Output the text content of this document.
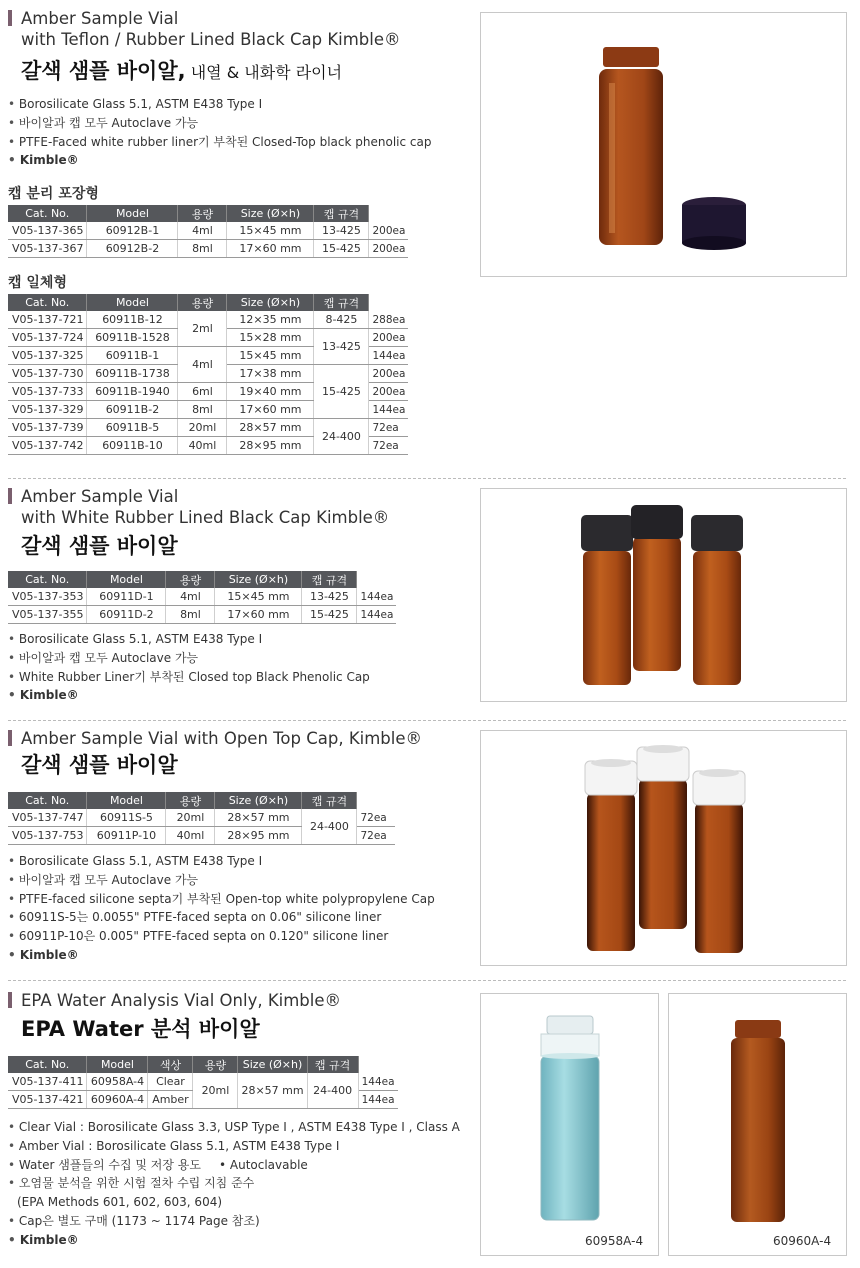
Amber Sample Vial
with Teflon / Rubber Lined Black Cap Kimble®
갈색 샘플 바이알, 내열 & 내화학 라이너
• Borosilicate Glass 5.1, ASTM E438 Type I
• 바이알과 캡 모두 Autoclave 가능
• PTFE-Faced white rubber liner기 부착된 Closed-Top black phenolic cap
• Kimble®
캡 분리 포장형
Cat. No.	Model	용량	Size (Ø×h)	캡 규격	
V05-137-365	60912B-1	4ml	15×45 mm	13-425	200ea
V05-137-367	60912B-2	8ml	17×60 mm	15-425	200ea
캡 일체형
Cat. No.	Model	용량	Size (Ø×h)	캡 규격	
V05-137-721	60911B-12	2ml	12×35 mm	8-425	288ea
V05-137-724	60911B-1528		15×28 mm	13-425	200ea
V05-137-325	60911B-1	4ml	15×45 mm		144ea
V05-137-730	60911B-1738		17×38 mm	15-425	200ea
V05-137-733	60911B-1940	6ml	19×40 mm		200ea
V05-137-329	60911B-2	8ml	17×60 mm		144ea
V05-137-739	60911B-5	20ml	28×57 mm	24-400	72ea
V05-137-742	60911B-10	40ml	28×95 mm		72ea
Amber Sample Vial
with White Rubber Lined Black Cap Kimble®
갈색 샘플 바이알
Cat. No.	Model	용량	Size (Ø×h)	캡 규격	
V05-137-353	60911D-1	4ml	15×45 mm	13-425	144ea
V05-137-355	60911D-2	8ml	17×60 mm	15-425	144ea
• Borosilicate Glass 5.1, ASTM E438 Type I
• 바이알과 캡 모두 Autoclave 가능
• White Rubber Liner기 부착된 Closed top Black Phenolic Cap
• Kimble®
Amber Sample Vial with Open Top Cap, Kimble®
갈색 샘플 바이알
Cat. No.	Model	용량	Size (Ø×h)	캡 규격	
V05-137-747	60911S-5	20ml	28×57 mm	24-400	72ea
V05-137-753	60911P-10	40ml	28×95 mm		72ea
• Borosilicate Glass 5.1, ASTM E438 Type I
• 바이알과 캡 모두 Autoclave 가능
• PTFE-faced silicone septa기 부착된 Open-top white polypropylene Cap
• 60911S-5는 0.0055" PTFE-faced septa on 0.06" silicone liner
• 60911P-10은 0.005" PTFE-faced septa on 0.120" silicone liner
• Kimble®
EPA Water Analysis Vial Only, Kimble®
EPA Water 분석 바이알
Cat. No.	Model	색상	용량	Size (Ø×h)	캡 규격	
V05-137-411	60958A-4	Clear	20ml	28×57 mm	24-400	144ea
V05-137-421	60960A-4	Amber				144ea
• Clear Vial : Borosilicate Glass 3.3, USP Type I , ASTM E438 Type I , Class A
• Amber Vial : Borosilicate Glass 5.1, ASTM E438 Type I
• Water 샘플들의 수집 및 저장 용도 • Autoclavable
• 오염물 분석을 위한 시험 절차 수립 지침 준수
(EPA Methods 601, 602, 603, 604)
• Cap은 별도 구매 (1173 ~ 1174 Page 참조)
• Kimble®	60958A-4	60960A-4
